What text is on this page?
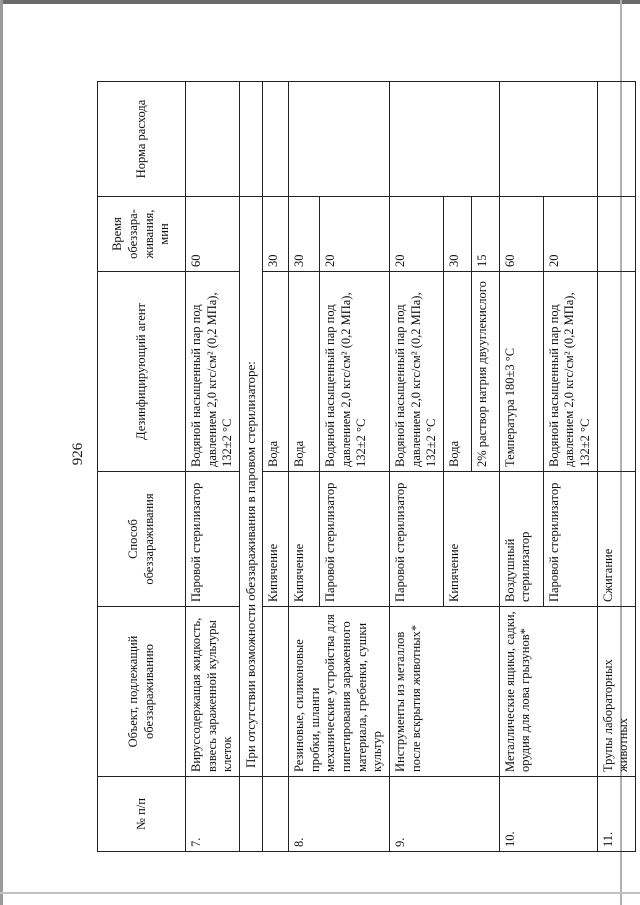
926
№ п/п	Объект, подлежащий обеззараживанию	Способ обеззараживания	Дезинфицирующий агент	Время обеззара-живания, мин	Норма расхода
7.	Вируссодержащая жидкость, взвесь зараженной культуры клеток	Паровой стерилизатор	Водяной насыщенный пар под давлением 2,0 кгс/см² (0,2 МПа), 132±2 °С	60	
	При отсутствии возможности обеззараживания в паровом стерилизаторе:				
		Кипячение	Вода	30	
8.	Резиновые, силиконовые пробки, шланги механические устройства для пипетирования зараженного материала, гребенки, сушки культур	Кипячение	Вода	30	
		Паровой стерилизатор	Водяной насыщенный пар под давлением 2,0 кгс/см² (0,2 МПа), 132±2 °С	20	
9.	Инструменты из металлов после вскрытия животных*	Паровой стерилизатор	Водяной насыщенный пар под давлением 2,0 кгс/см² (0,2 МПа), 132±2 °С	20	
		Кипячение	Вода	30	
			2% раствор натрия двууглекислого	15	
10.	Металлические ящики, садки, орудия для лова грызунов*	Воздушный стерилизатор	Температура 180±3 °С	60	
		Паровой стерилизатор	Водяной насыщенный пар под давлением 2,0 кгс/см² (0,2 МПа), 132±2 °С	20	
11.	Трупы лабораторных животных	Сжигание			
